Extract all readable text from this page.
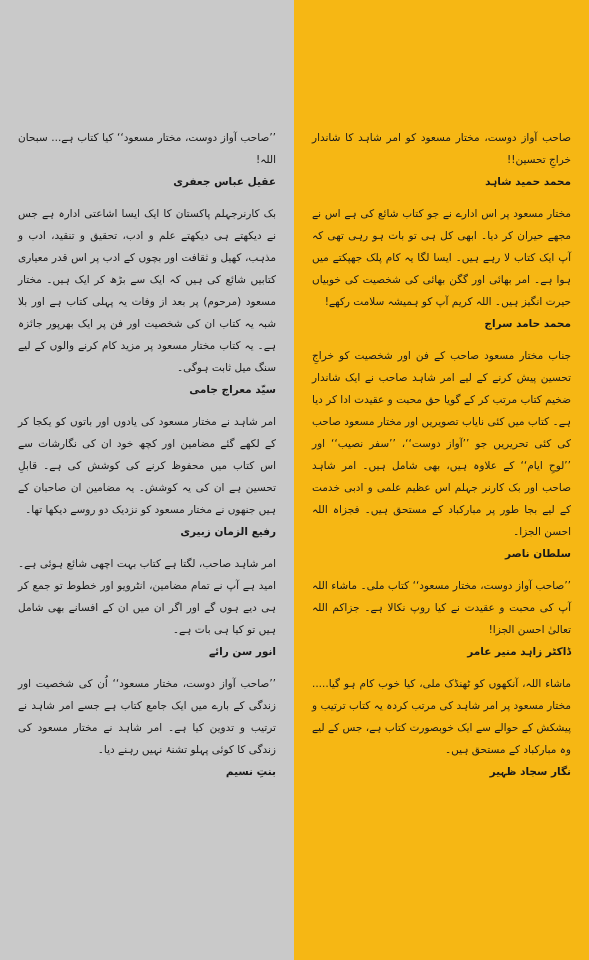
صاحب آواز دوست، مختار مسعود کو امر شاہد کا شاندار خراجِ تحسین!!

محمد حمید شاہد

مختار مسعود پر اس ادارے نے جو کتاب شائع کی ہے اس نے مجھے حیران کر دیا۔ ابھی کل ہی تو بات ہو رہی تھی کہ آپ ایک کتاب لا رہے ہیں۔ ایسا لگا یہ کام پلک جھپکتے میں ہوا ہے۔ امر بھائی اور گگن بھائی کی شخصیت کی خوبیاں حیرت انگیز ہیں۔ اللہ کریم آپ کو ہمیشہ سلامت رکھے!

محمد حامد سراج

جناب مختار مسعود صاحب کے فن اور شخصیت کو خراجِ تحسین پیش کرنے کے لیے امر شاہد صاحب نے ایک شاندار ضخیم کتاب مرتب کر کے گویا حق محبت و عقیدت ادا کر دیا ہے۔ کتاب میں کئی نایاب تصویریں اور مختار مسعود صاحب کی کئی تحریریں جو ’’آواز دوست‘‘، ’’سفر نصیب‘‘ اور ’’لوحِ ایام‘‘ کے علاوہ ہیں، بھی شامل ہیں۔ امر شاہد صاحب اور بک کارنر جہلم اس عظیم علمی و ادبی خدمت کے لیے بجا طور پر مبارکباد کے مستحق ہیں۔ فجزاہ اللہ احسن الجزا۔

سلطان ناصر

’’صاحب آواز دوست، مختار مسعود‘‘ کتاب ملی۔ ماشاء اللہ آپ کی محبت و عقیدت نے کیا روپ نکالا ہے۔ جزاکم اللہ تعالیٰ احسن الجزا!

ڈاکٹر زاہد منیر عامر

ماشاء اللہ، آنکھوں کو ٹھنڈک ملی، کیا خوب کام ہو گیا..... مختار مسعود پر امر شاہد کی مرتب کردہ یہ کتاب ترتیب و پیشکش کے حوالے سے ایک خوبصورت کتاب ہے، جس کے لیے وہ مبارکباد کے مستحق ہیں۔

نگار سجاد ظہیر

’’صاحب آواز دوست، مختار مسعود‘‘ کیا کتاب ہے... سبحان اللہ!

عقیل عباس جعفری

بک کارنرجہلم پاکستان کا ایک ایسا اشاعتی ادارہ ہے جس نے دیکھتے ہی دیکھتے علم و ادب، تحقیق و تنقید، ادب و مذہب، کھیل و ثقافت اور بچوں کے ادب پر اس قدر معیاری کتابیں شائع کی ہیں کہ ایک سے بڑھ کر ایک ہیں۔ مختار مسعود (مرحوم) پر بعد از وفات یہ پہلی کتاب ہے اور بلا شبہ یہ کتاب ان کی شخصیت اور فن پر ایک بھرپور جائزہ ہے۔ یہ کتاب مختار مسعود پر مزید کام کرنے والوں کے لیے سنگ میل ثابت ہوگی۔

سیّد معراج جامی

امر شاہد نے مختار مسعود کی یادوں اور باتوں کو یکجا کر کے لکھے گئے مضامین اور کچھ خود ان کی نگارشات سے اس کتاب میں محفوظ کرنے کی کوشش کی ہے۔ قابلِ تحسین ہے ان کی یہ کوشش۔ یہ مضامین ان صاحبان کے ہیں جنھوں نے مختار مسعود کو نزدیک دو روسے دیکھا تھا۔

رفیع الزمان زبیری

امر شاہد صاحب، لگتا ہے کتاب بہت اچھی شائع ہوئی ہے۔ امید ہے آپ نے تمام مضامین، انٹرویو اور خطوط تو جمع کر ہی دیے ہوں گے اور اگر ان میں ان کے افسانے بھی شامل ہیں تو کیا ہی بات ہے۔

انور سن رائے

’’صاحب آواز دوست، مختار مسعود‘‘ اُن کی شخصیت اور زندگی کے بارے میں ایک جامع کتاب ہے جسے امر شاہد نے ترتیب و تدوین کیا ہے۔ امر شاہد نے مختار مسعود کی زندگی کا کوئی پہلو تشنۂ نہیں رہنے دیا۔

بنتِ نسیم
